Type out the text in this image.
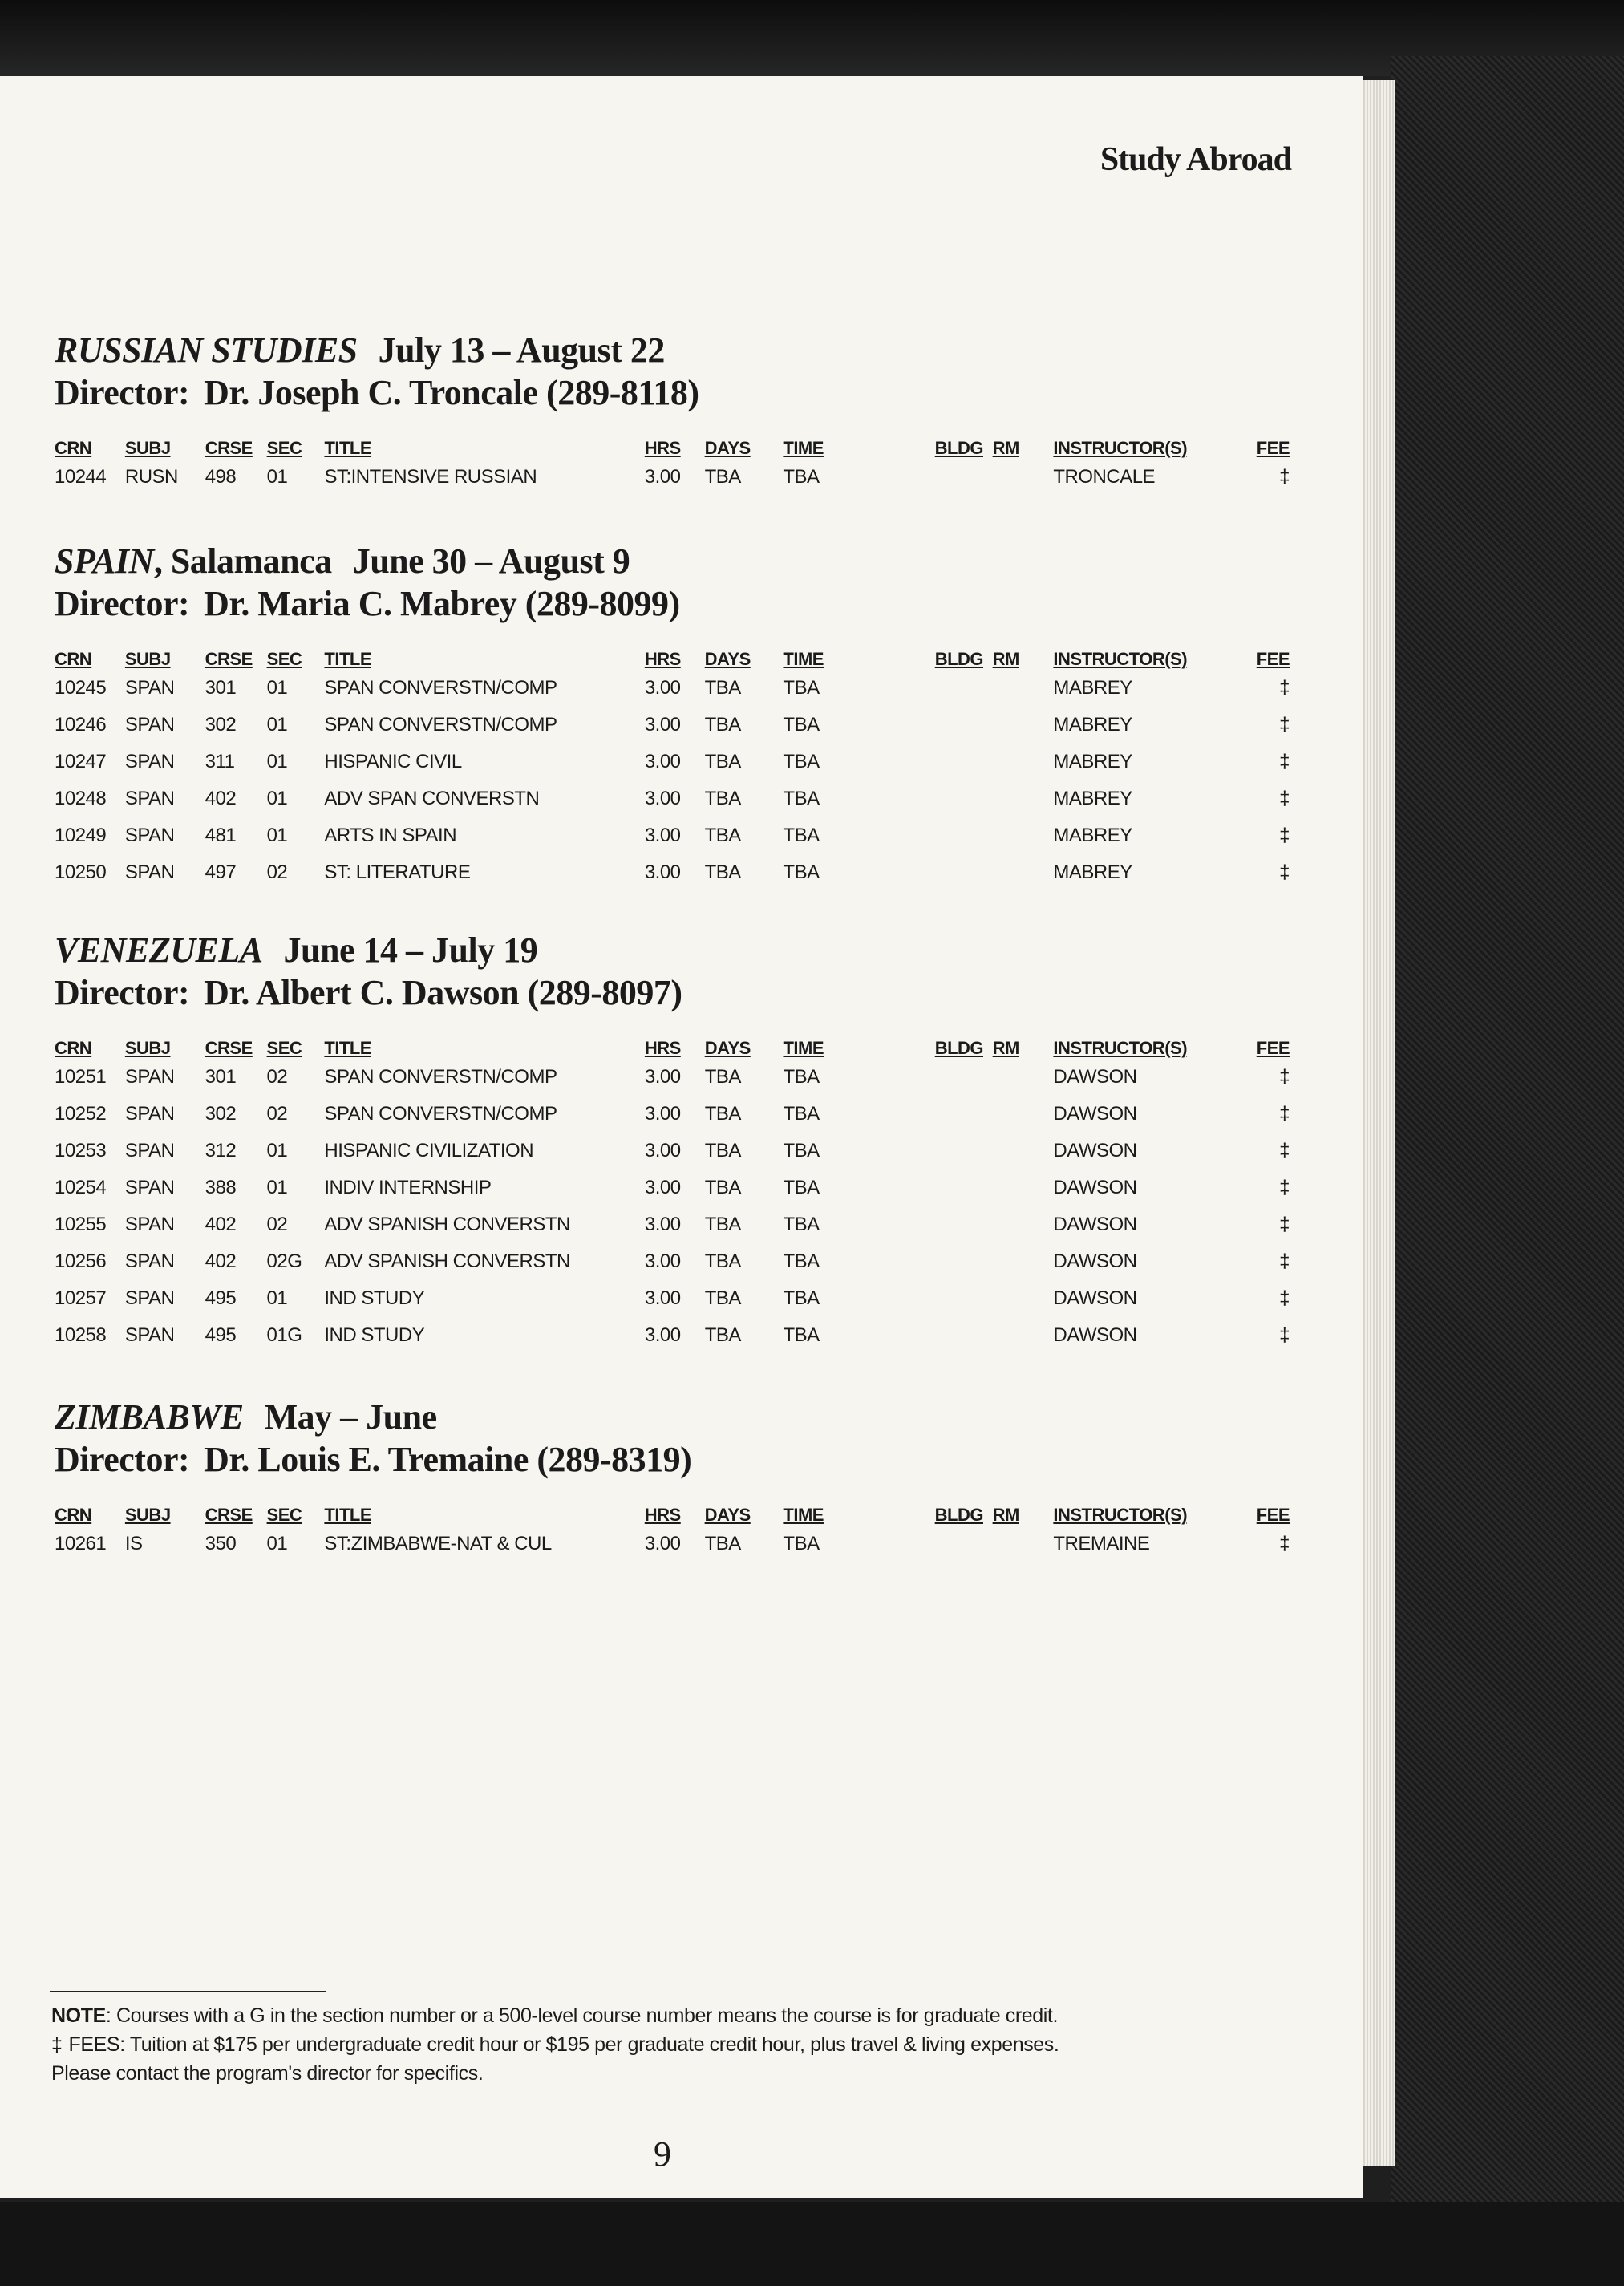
Study Abroad
RUSSIAN STUDIES July 13 – August 22
Director: Dr. Joseph C. Troncale (289-8118)
CRN	SUBJ	CRSE	SEC	TITLE	HRS	DAYS	TIME	BLDG	RM	INSTRUCTOR(S)	FEE
10244	RUSN	498	01	ST:INTENSIVE RUSSIAN	3.00	TBA	TBA			TRONCALE	‡
SPAIN, Salamanca June 30 – August 9
Director: Dr. Maria C. Mabrey (289-8099)
CRN	SUBJ	CRSE	SEC	TITLE	HRS	DAYS	TIME	BLDG	RM	INSTRUCTOR(S)	FEE
10245	SPAN	301	01	SPAN CONVERSTN/COMP	3.00	TBA	TBA			MABREY	‡
10246	SPAN	302	01	SPAN CONVERSTN/COMP	3.00	TBA	TBA			MABREY	‡
10247	SPAN	311	01	HISPANIC CIVIL	3.00	TBA	TBA			MABREY	‡
10248	SPAN	402	01	ADV SPAN CONVERSTN	3.00	TBA	TBA			MABREY	‡
10249	SPAN	481	01	ARTS IN SPAIN	3.00	TBA	TBA			MABREY	‡
10250	SPAN	497	02	ST: LITERATURE	3.00	TBA	TBA			MABREY	‡
VENEZUELA June 14 – July 19
Director: Dr. Albert C. Dawson (289-8097)
CRN	SUBJ	CRSE	SEC	TITLE	HRS	DAYS	TIME	BLDG	RM	INSTRUCTOR(S)	FEE
10251	SPAN	301	02	SPAN CONVERSTN/COMP	3.00	TBA	TBA			DAWSON	‡
10252	SPAN	302	02	SPAN CONVERSTN/COMP	3.00	TBA	TBA			DAWSON	‡
10253	SPAN	312	01	HISPANIC CIVILIZATION	3.00	TBA	TBA			DAWSON	‡
10254	SPAN	388	01	INDIV INTERNSHIP	3.00	TBA	TBA			DAWSON	‡
10255	SPAN	402	02	ADV SPANISH CONVERSTN	3.00	TBA	TBA			DAWSON	‡
10256	SPAN	402	02G	ADV SPANISH CONVERSTN	3.00	TBA	TBA			DAWSON	‡
10257	SPAN	495	01	IND STUDY	3.00	TBA	TBA			DAWSON	‡
10258	SPAN	495	01G	IND STUDY	3.00	TBA	TBA			DAWSON	‡
ZIMBABWE May – June
Director: Dr. Louis E. Tremaine (289-8319)
CRN	SUBJ	CRSE	SEC	TITLE	HRS	DAYS	TIME	BLDG	RM	INSTRUCTOR(S)	FEE
10261	IS	350	01	ST:ZIMBABWE-NAT & CUL	3.00	TBA	TBA			TREMAINE	‡
NOTE: Courses with a G in the section number or a 500-level course number means the course is for graduate credit.
‡ FEES: Tuition at $175 per undergraduate credit hour or $195 per graduate credit hour, plus travel & living expenses.
Please contact the program's director for specifics.
9
